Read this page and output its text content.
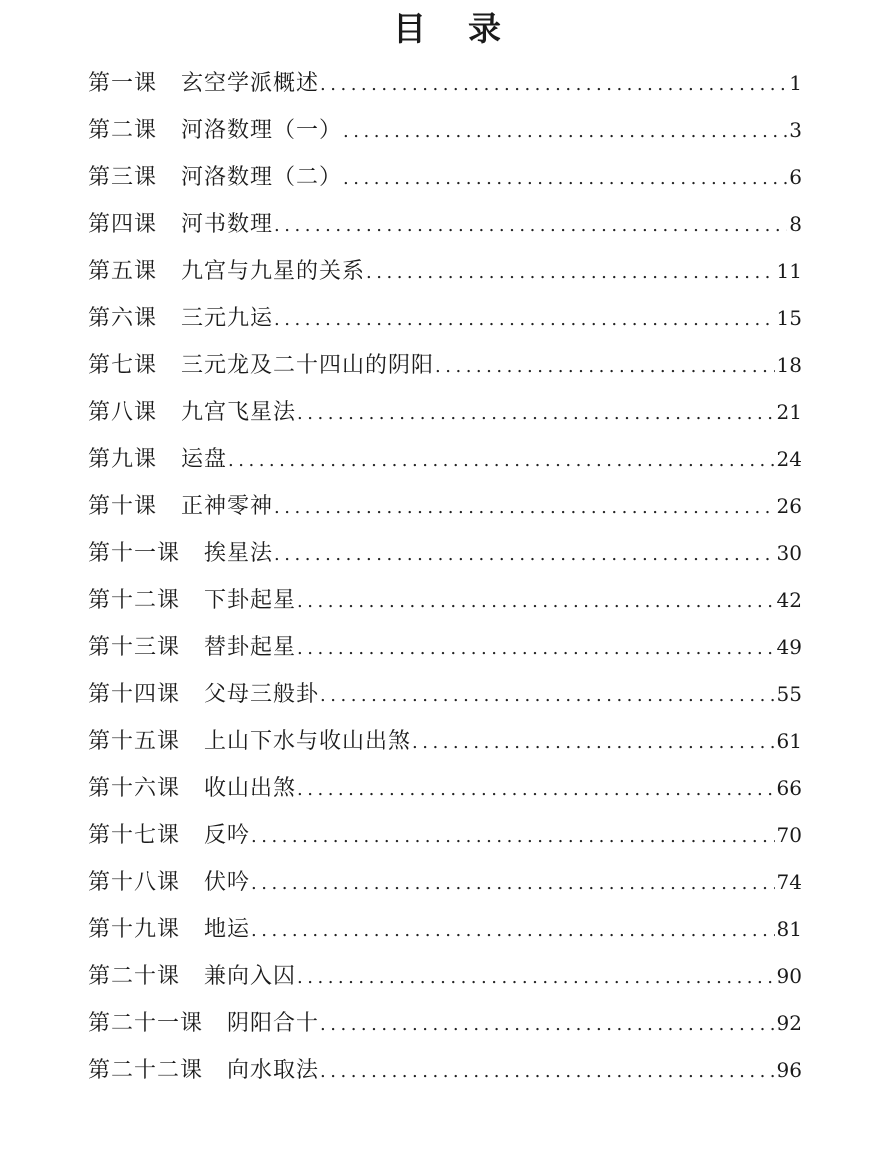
目 录
第一课 玄空学派概述 .....	1
第二课 河洛数理（一） .....	3
第三课 河洛数理（二） .....	6
第四课 河书数理 .....	8
第五课 九宫与九星的关系 .....	11
第六课 三元九运 .....	15
第七课 三元龙及二十四山的阴阳 .....	18
第八课 九宫飞星法 .....	21
第九课 运盘 .....	24
第十课 正神零神 .....	26
第十一课 挨星法 .....	30
第十二课 下卦起星 .....	42
第十三课 替卦起星 .....	49
第十四课 父母三般卦 .....	55
第十五课 上山下水与收山出煞 .....	61
第十六课 收山出煞 .....	66
第十七课 反吟 .....	70
第十八课 伏吟 .....	74
第十九课 地运 .....	81
第二十课 兼向入囚 .....	90
第二十一课 阴阳合十 .....	92
第二十二课 向水取法 .....	96
